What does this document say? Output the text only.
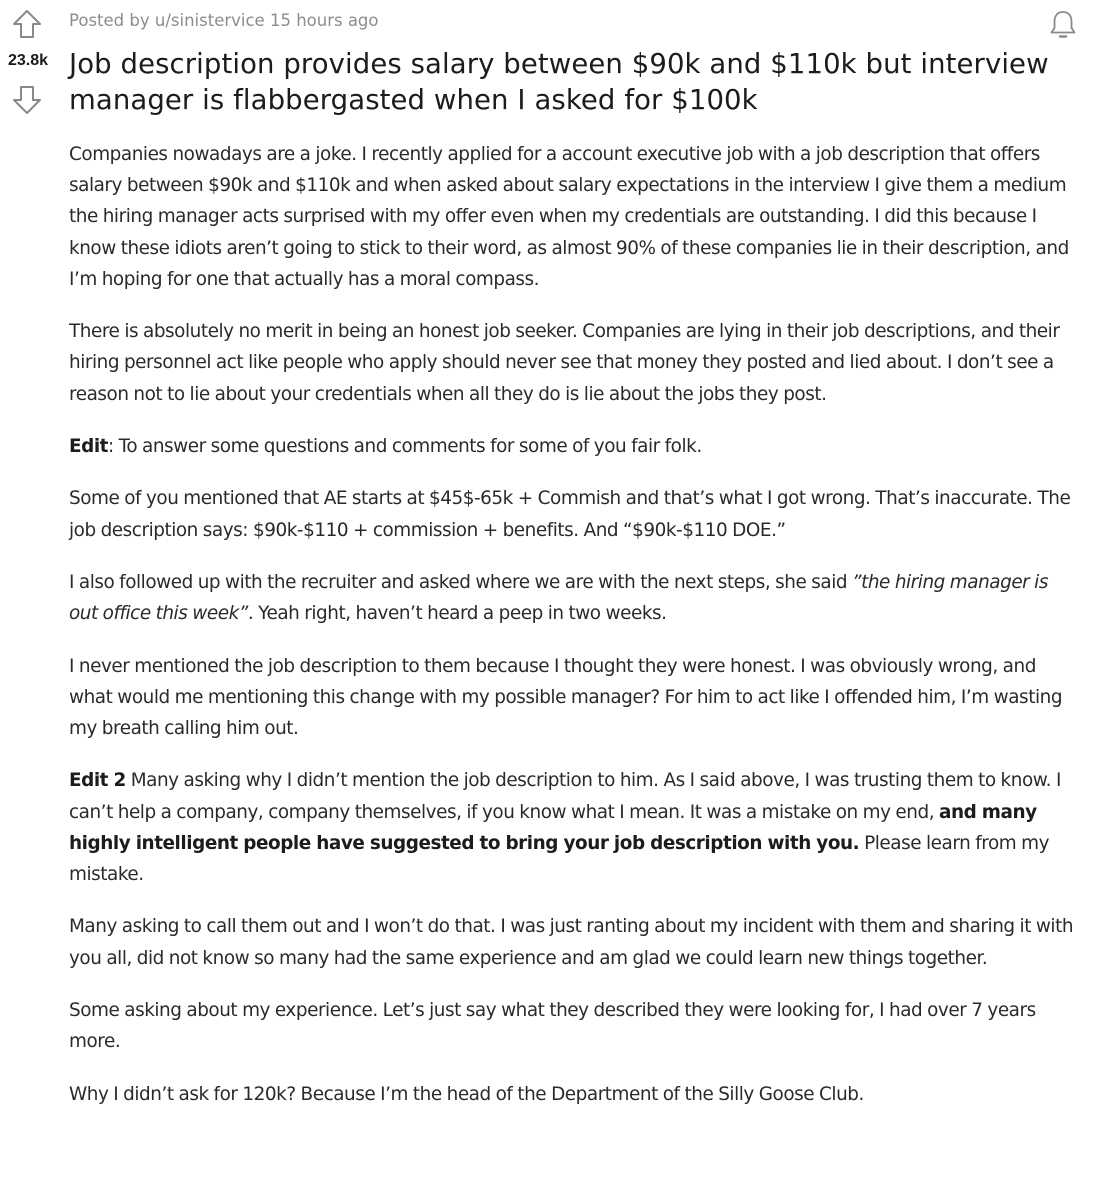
23.8k
Posted by u/sinistervice 15 hours ago
Job description provides salary between $90k and $110k but interview manager is flabbergasted when I asked for $100k

Companies nowadays are a joke. I recently applied for a account executive job with a job description that offers salary between $90k and $110k and when asked about salary expectations in the interview I give them a medium the hiring manager acts surprised with my offer even when my credentials are outstanding. I did this because I know these idiots aren’t going to stick to their word, as almost 90% of these companies lie in their description, and I’m hoping for one that actually has a moral compass.

There is absolutely no merit in being an honest job seeker. Companies are lying in their job descriptions, and their hiring personnel act like people who apply should never see that money they posted and lied about. I don’t see a reason not to lie about your credentials when all they do is lie about the jobs they post.

Edit: To answer some questions and comments for some of you fair folk.

Some of you mentioned that AE starts at $45$-65k + Commish and that’s what I got wrong. That’s inaccurate. The job description says: $90k-$110 + commission + benefits. And “$90k-$110 DOE.”

I also followed up with the recruiter and asked where we are with the next steps, she said ”the hiring manager is out office this week”. Yeah right, haven’t heard a peep in two weeks.

I never mentioned the job description to them because I thought they were honest. I was obviously wrong, and what would me mentioning this change with my possible manager? For him to act like I offended him, I’m wasting my breath calling him out.

Edit 2 Many asking why I didn’t mention the job description to him. As I said above, I was trusting them to know. I can’t help a company, company themselves, if you know what I mean. It was a mistake on my end, and many highly intelligent people have suggested to bring your job description with you. Please learn from my mistake.

Many asking to call them out and I won’t do that. I was just ranting about my incident with them and sharing it with you all, did not know so many had the same experience and am glad we could learn new things together.

Some asking about my experience. Let’s just say what they described they were looking for, I had over 7 years more.

Why I didn’t ask for 120k? Because I’m the head of the Department of the Silly Goose Club.
